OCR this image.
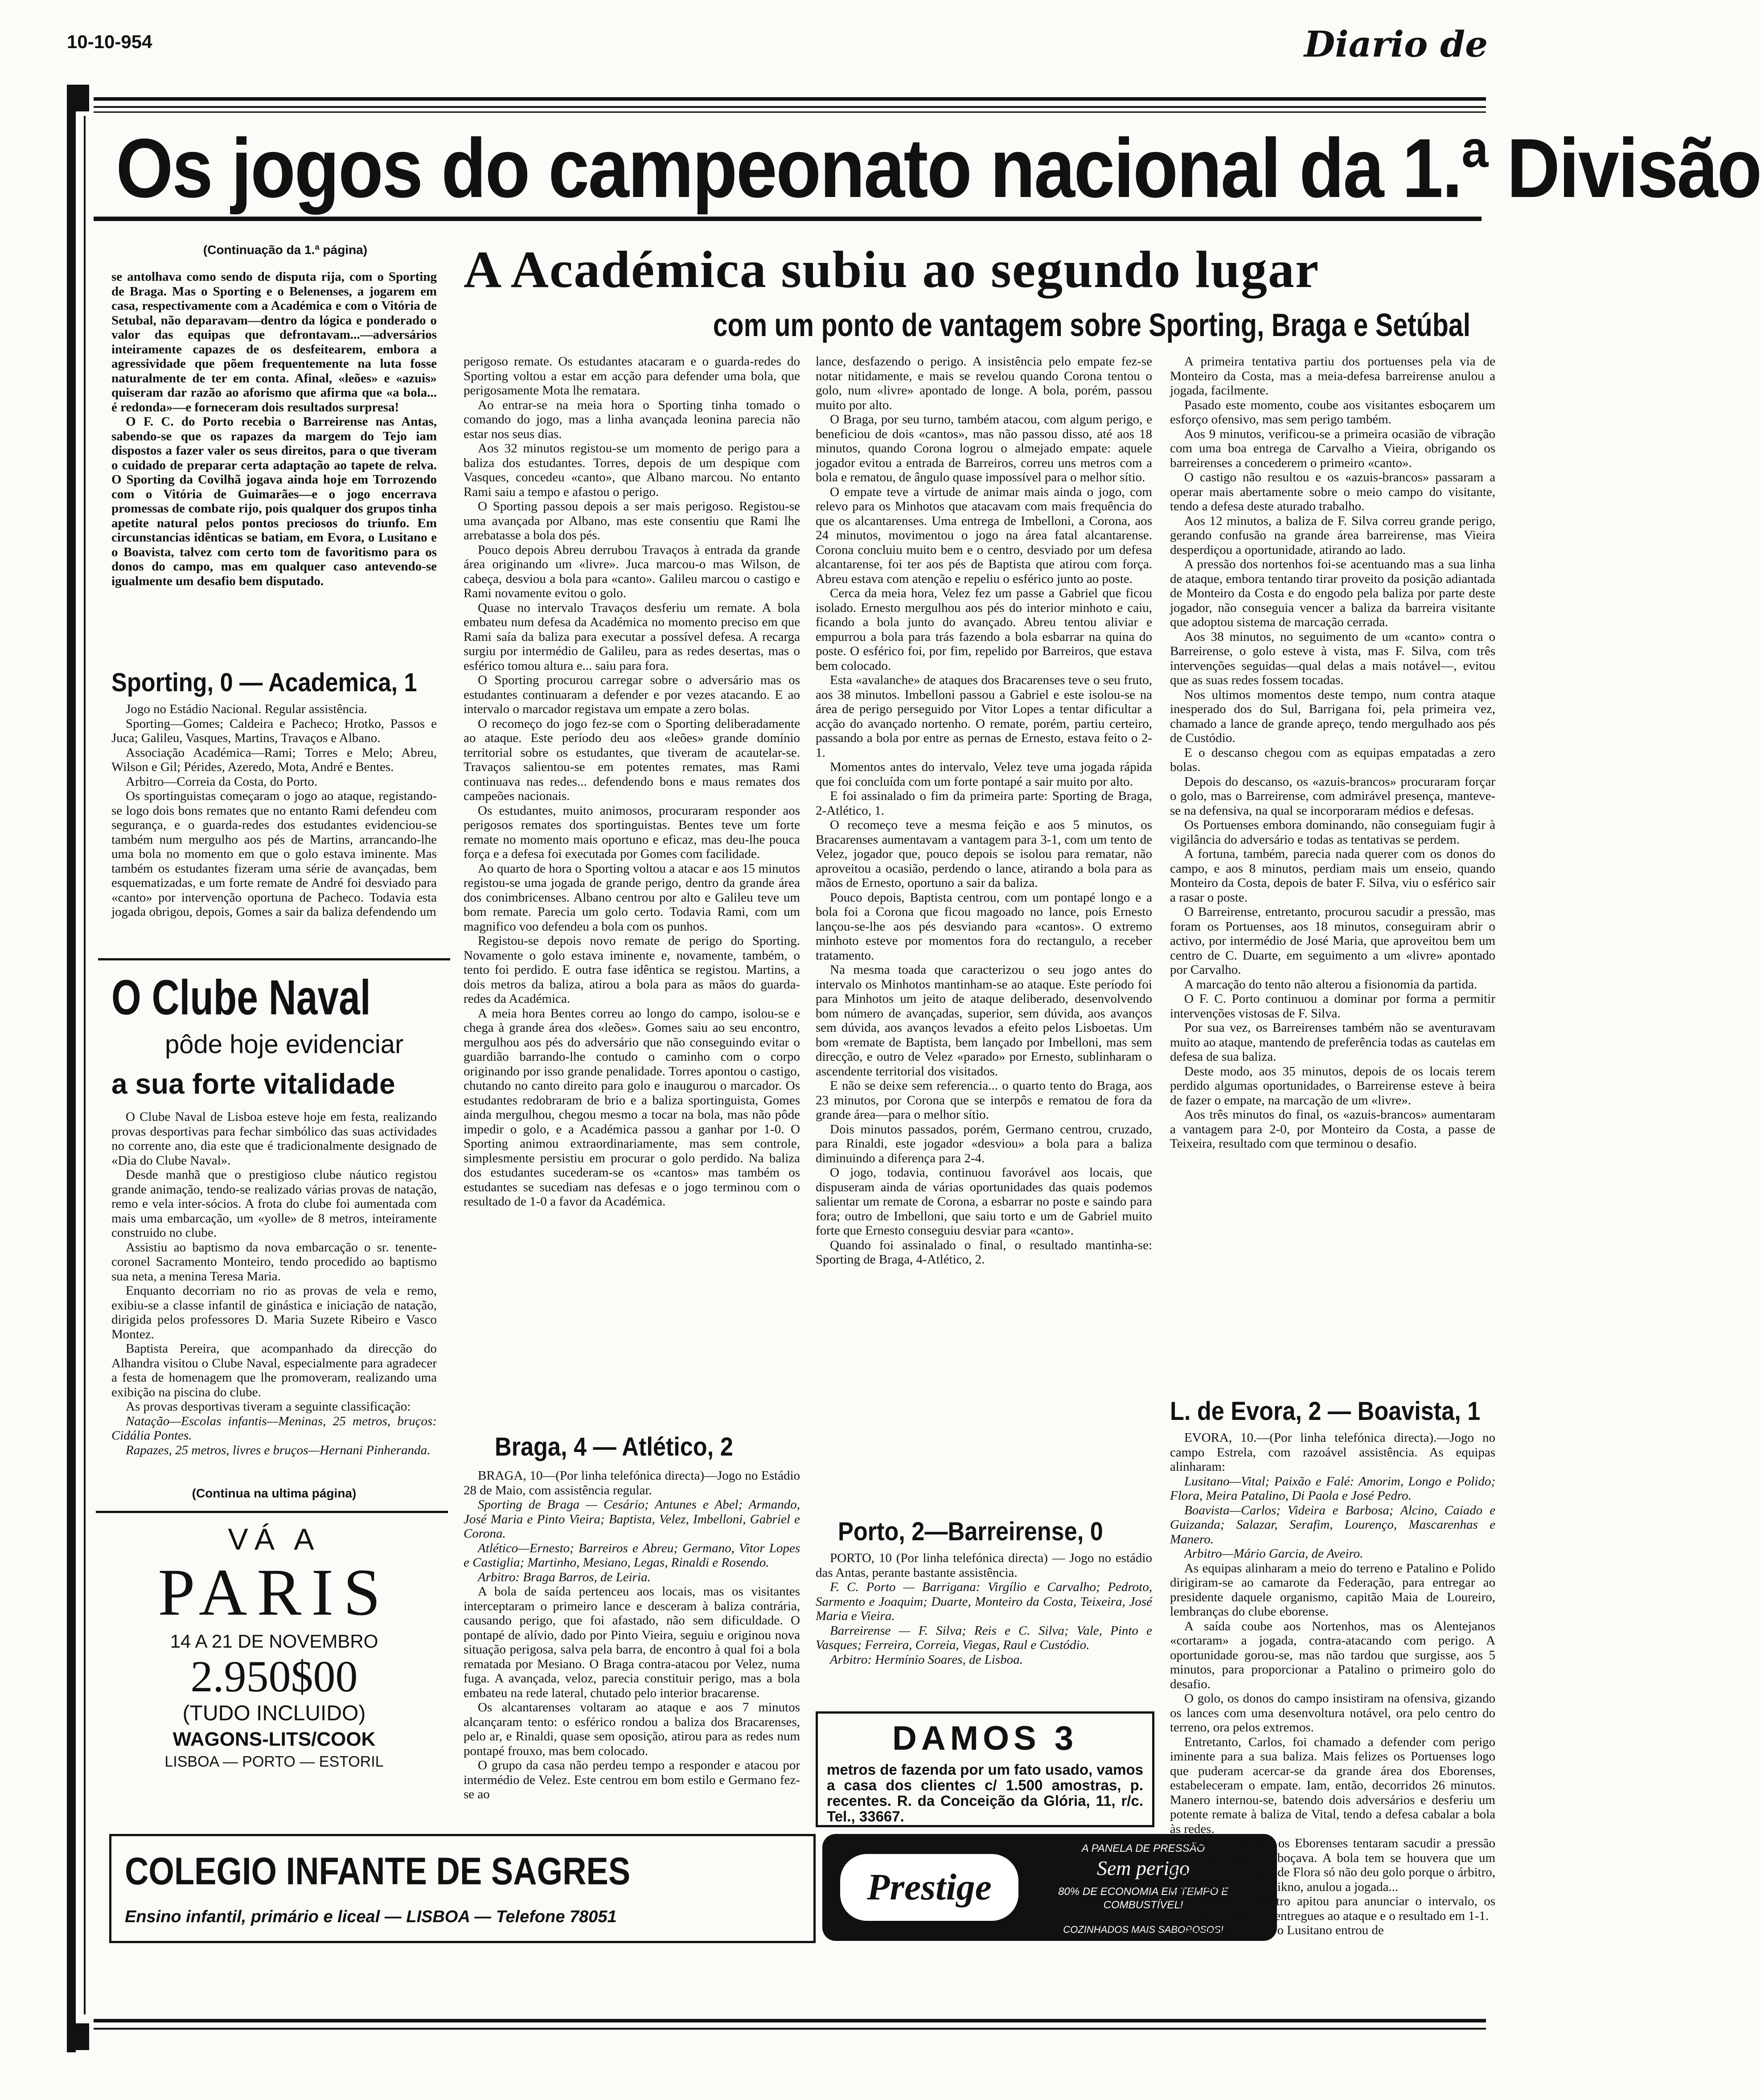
10-10-954	Diario de
Os jogos do campeonato nacional da 1.ª Divisão
(Continuação da 1.ª página)

se antolhava como sendo de disputa rija, com o Sporting de Braga. Mas o Sporting e o Belenenses, a jogarem em casa, respectivamente com a Académica e com o Vitória de Setubal, não deparavam—dentro da lógica e ponderado o valor das equipas que defrontavam...—adversários inteiramente capazes de os desfeitearem, embora a agressividade que põem frequentemente na luta fosse naturalmente de ter em conta. Afinal, «leões» e «azuis» quiseram dar razão ao aforismo que afirma que «a bola... é redonda»—e forneceram dois resultados surpresa!

O F. C. do Porto recebia o Barreirense nas Antas, sabendo-se que os rapazes da margem do Tejo iam dispostos a fazer valer os seus direitos, para o que tiveram o cuidado de preparar certa adaptação ao tapete de relva. O Sporting da Covilhã jogava ainda hoje em Torrozendo com o Vitória de Guimarães—e o jogo encerrava promessas de combate rijo, pois qualquer dos grupos tinha apetite natural pelos pontos preciosos do triunfo. Em circunstancias idênticas se batiam, em Evora, o Lusitano e o Boavista, talvez com certo tom de favoritismo para os donos do campo, mas em qualquer caso antevendo-se igualmente um desafio bem disputado.

Sporting, 0 — Academica, 1

Jogo no Estádio Nacional. Regular assistência.

Sporting—Gomes; Caldeira e Pacheco; Hrotko, Passos e Juca; Galileu, Vasques, Martins, Travaços e Albano.

Associação Académica—Rami; Torres e Melo; Abreu, Wilson e Gil; Pérides, Azeredo, Mota, André e Bentes.

Arbitro—Correia da Costa, do Porto.

Os sportinguistas começaram o jogo ao ataque, registando-se logo dois bons remates que no entanto Rami defendeu com segurança, e o guarda-redes dos estudantes evidenciou-se também num mergulho aos pés de Martins, arrancando-lhe uma bola no momento em que o golo estava iminente. Mas também os estudantes fizeram uma série de avançadas, bem esquematizadas, e um forte remate de André foi desviado para «canto» por intervenção oportuna de Pacheco. Todavia esta jogada obrigou, depois, Gomes a sair da baliza defendendo um

O Clube Naval
pôde hoje evidenciar
a sua forte vitalidade

O Clube Naval de Lisboa esteve hoje em festa, realizando provas desportivas para fechar simbólico das suas actividades no corrente ano, dia este que é tradicionalmente designado de «Dia do Clube Naval».

Desde manhã que o prestigioso clube náutico registou grande animação, tendo-se realizado várias provas de natação, remo e vela inter-sócios. A frota do clube foi aumentada com mais uma embarcação, um «yolle» de 8 metros, inteiramente construido no clube.

Assistiu ao baptismo da nova embarcação o sr. tenente-coronel Sacramento Monteiro, tendo procedido ao baptismo sua neta, a menina Teresa Maria.

Enquanto decorriam no rio as provas de vela e remo, exibiu-se a classe infantil de ginástica e iniciação de natação, dirigida pelos professores D. Maria Suzete Ribeiro e Vasco Montez.

Baptista Pereira, que acompanhado da direcção do Alhandra visitou o Clube Naval, especialmente para agradecer a festa de homenagem que lhe promoveram, realizando uma exibição na piscina do clube.

As provas desportivas tiveram a seguinte classificação:

Natação—Escolas infantis—Meninas, 25 metros, bruços: Cidália Pontes.

Rapazes, 25 metros, livres e bruços—Hernani Pinheranda.

(Continua na ultima página)
VÁ A
PARIS
14 A 21 DE NOVEMBRO
2.950$00
(TUDO INCLUIDO)
WAGONS-LITS/COOK
LISBOA — PORTO — ESTORIL
COLEGIO INFANTE DE SAGRES
Ensino infantil, primário e liceal — LISBOA — Telefone 78051
A Académica subiu ao segundo lugar
com um ponto de vantagem sobre Sporting, Braga e Setúbal

perigoso remate. Os estudantes atacaram e o guarda-redes do Sporting voltou a estar em acção para defender uma bola, que perigosamente Mota lhe rematara.

Ao entrar-se na meia hora o Sporting tinha tomado o comando do jogo, mas a linha avançada leonina parecia não estar nos seus dias.

Aos 32 minutos registou-se um momento de perigo para a baliza dos estudantes. Torres, depois de um despique com Vasques, concedeu «canto», que Albano marcou. No entanto Rami saiu a tempo e afastou o perigo.

O Sporting passou depois a ser mais perigoso. Registou-se uma avançada por Albano, mas este consentiu que Rami lhe arrebatasse a bola dos pés.

Pouco depois Abreu derrubou Travaços à entrada da grande área originando um «livre». Juca marcou-o mas Wilson, de cabeça, desviou a bola para «canto». Galileu marcou o castigo e Rami novamente evitou o golo.

Quase no intervalo Travaços desferiu um remate. A bola embateu num defesa da Académica no momento preciso em que Rami saía da baliza para executar a possível defesa. A recarga surgiu por intermédio de Galileu, para as redes desertas, mas o esférico tomou altura e... saiu para fora.

O Sporting procurou carregar sobre o adversário mas os estudantes continuaram a defender e por vezes atacando. E ao intervalo o marcador registava um empate a zero bolas.

O recomeço do jogo fez-se com o Sporting deliberadamente ao ataque. Este período deu aos «leões» grande domínio territorial sobre os estudantes, que tiveram de acautelar-se. Travaços salientou-se em potentes remates, mas Rami continuava nas redes... defendendo bons e maus remates dos campeões nacionais.

Os estudantes, muito animosos, procuraram responder aos perigosos remates dos sportinguistas. Bentes teve um forte remate no momento mais oportuno e eficaz, mas deu-lhe pouca força e a defesa foi executada por Gomes com facilidade.

Ao quarto de hora o Sporting voltou a atacar e aos 15 minutos registou-se uma jogada de grande perigo, dentro da grande área dos conimbricenses. Albano centrou por alto e Galileu teve um bom remate. Parecia um golo certo. Todavia Rami, com um magnifico voo defendeu a bola com os punhos.

Registou-se depois novo remate de perigo do Sporting. Novamente o golo estava iminente e, novamente, também, o tento foi perdido. E outra fase idêntica se registou. Martins, a dois metros da baliza, atirou a bola para as mãos do guarda-redes da Académica.

A meia hora Bentes correu ao longo do campo, isolou-se e chega à grande área dos «leões». Gomes saiu ao seu encontro, mergulhou aos pés do adversário que não conseguindo evitar o guardião barrando-lhe contudo o caminho com o corpo originando por isso grande penalidade. Torres apontou o castigo, chutando no canto direito para golo e inaugurou o marcador. Os estudantes redobraram de brio e a baliza sportinguista, Gomes ainda mergulhou, chegou mesmo a tocar na bola, mas não pôde impedir o golo, e a Académica passou a ganhar por 1-0. O Sporting animou extraordinariamente, mas sem controle, simplesmente persistiu em procurar o golo perdido. Na baliza dos estudantes sucederam-se os «cantos» mas também os estudantes se sucediam nas defesas e o jogo terminou com o resultado de 1-0 a favor da Académica.

Braga, 4 — Atlético, 2

BRAGA, 10—(Por linha telefónica directa)—Jogo no Estádio 28 de Maio, com assistência regular.

Sporting de Braga — Cesário; Antunes e Abel; Armando, José Maria e Pinto Vieira; Baptista, Velez, Imbelloni, Gabriel e Corona.

Atlético—Ernesto; Barreiros e Abreu; Germano, Vitor Lopes e Castiglia; Martinho, Mesiano, Legas, Rinaldi e Rosendo.

Arbitro: Braga Barros, de Leiria.

A bola de saída pertenceu aos locais, mas os visitantes interceptaram o primeiro lance e desceram à baliza contrária, causando perigo, que foi afastado, não sem dificuldade. O pontapé de alívio, dado por Pinto Vieira, seguiu e originou nova situação perigosa, salva pela barra, de encontro à qual foi a bola rematada por Mesiano. O Braga contra-atacou por Velez, numa fuga. A avançada, veloz, parecia constituir perigo, mas a bola embateu na rede lateral, chutado pelo interior bracarense.

Os alcantarenses voltaram ao ataque e aos 7 minutos alcançaram tento: o esférico rondou a baliza dos Bracarenses, pelo ar, e Rinaldi, quase sem oposição, atirou para as redes num pontapé frouxo, mas bem colocado.

O grupo da casa não perdeu tempo a responder e atacou por intermédio de Velez. Este centrou em bom estilo e Germano fez-se ao

lance, desfazendo o perigo. A insistência pelo empate fez-se notar nitidamente, e mais se revelou quando Corona tentou o golo, num «livre» apontado de longe. A bola, porém, passou muito por alto.

O Braga, por seu turno, também atacou, com algum perigo, e beneficiou de dois «cantos», mas não passou disso, até aos 18 minutos, quando Corona logrou o almejado empate: aquele jogador evitou a entrada de Barreiros, correu uns metros com a bola e rematou, de ângulo quase impossível para o melhor sítio.

O empate teve a virtude de animar mais ainda o jogo, com relevo para os Minhotos que atacavam com mais frequência do que os alcantarenses. Uma entrega de Imbelloni, a Corona, aos 24 minutos, movimentou o jogo na área fatal alcantarense. Corona concluiu muito bem e o centro, desviado por um defesa alcantarense, foi ter aos pés de Baptista que atirou com força. Abreu estava com atenção e repeliu o esférico junto ao poste.

Cerca da meia hora, Velez fez um passe a Gabriel que ficou isolado. Ernesto mergulhou aos pés do interior minhoto e caiu, ficando a bola junto do avançado. Abreu tentou aliviar e empurrou a bola para trás fazendo a bola esbarrar na quina do poste. O esférico foi, por fim, repelido por Barreiros, que estava bem colocado.

Esta «avalanche» de ataques dos Bracarenses teve o seu fruto, aos 38 minutos. Imbelloni passou a Gabriel e este isolou-se na área de perigo perseguido por Vitor Lopes a tentar dificultar a acção do avançado nortenho. O remate, porém, partiu certeiro, passando a bola por entre as pernas de Ernesto, estava feito o 2-1.

Momentos antes do intervalo, Velez teve uma jogada rápida que foi concluída com um forte pontapé a sair muito por alto.

E foi assinalado o fim da primeira parte: Sporting de Braga, 2-Atlético, 1.

O recomeço teve a mesma feição e aos 5 minutos, os Bracarenses aumentavam a vantagem para 3-1, com um tento de Velez, jogador que, pouco depois se isolou para rematar, não aproveitou a ocasião, perdendo o lance, atirando a bola para as mãos de Ernesto, oportuno a sair da baliza.

Pouco depois, Baptista centrou, com um pontapé longo e a bola foi a Corona que ficou magoado no lance, pois Ernesto lançou-se-lhe aos pés desviando para «cantos». O extremo minhoto esteve por momentos fora do rectangulo, a receber tratamento.

Na mesma toada que caracterizou o seu jogo antes do intervalo os Minhotos mantinham-se ao ataque. Este período foi para Minhotos um jeito de ataque deliberado, desenvolvendo bom número de avançadas, superior, sem dúvida, aos avanços sem dúvida, aos avanços levados a efeito pelos Lisboetas. Um bom «remate de Baptista, bem lançado por Imbelloni, mas sem direcção, e outro de Velez «parado» por Ernesto, sublinharam o ascendente territorial dos visitados.

E não se deixe sem referencia... o quarto tento do Braga, aos 23 minutos, por Corona que se interpôs e rematou de fora da grande área—para o melhor sítio.

Dois minutos passados, porém, Germano centrou, cruzado, para Rinaldi, este jogador «desviou» a bola para a baliza diminuindo a diferença para 2-4.

O jogo, todavia, continuou favorável aos locais, que dispuseram ainda de várias oportunidades das quais podemos salientar um remate de Corona, a esbarrar no poste e saindo para fora; outro de Imbelloni, que saiu torto e um de Gabriel muito forte que Ernesto conseguiu desviar para «canto».

Quando foi assinalado o final, o resultado mantinha-se: Sporting de Braga, 4-Atlético, 2.

Porto, 2—Barreirense, 0

PORTO, 10 (Por linha telefónica directa) — Jogo no estádio das Antas, perante bastante assistência.

F. C. Porto — Barrigana: Virgílio e Carvalho; Pedroto, Sarmento e Joaquim; Duarte, Monteiro da Costa, Teixeira, José Maria e Vieira.

Barreirense — F. Silva; Reis e C. Silva; Vale, Pinto e Vasques; Ferreira, Correia, Viegas, Raul e Custódio.

Arbitro: Hermínio Soares, de Lisboa.

DAMOS 3
metros de fazenda por um fato usado, vamos a casa dos clientes c/ 1.500 amostras, p. recentes. R. da Conceição da Glória, 11, r/c. Tel., 33667.
Prestige
A PANELA DE PRESSÃO
Sem perigo
80% DE ECONOMIA EM TEMPO E COMBUSTÍVEL!
COZINHADOS MAIS SABOROSOS!

A primeira tentativa partiu dos portuenses pela via de Monteiro da Costa, mas a meia-defesa barreirense anulou a jogada, facilmente.

Pasado este momento, coube aos visitantes esboçarem um esforço ofensivo, mas sem perigo também.

Aos 9 minutos, verificou-se a primeira ocasião de vibração com uma boa entrega de Carvalho a Vieira, obrigando os barreirenses a concederem o primeiro «canto».

O castigo não resultou e os «azuis-brancos» passaram a operar mais abertamente sobre o meio campo do visitante, tendo a defesa deste aturado trabalho.

Aos 12 minutos, a baliza de F. Silva correu grande perigo, gerando confusão na grande área barreirense, mas Vieira desperdiçou a oportunidade, atirando ao lado.

A pressão dos nortenhos foi-se acentuando mas a sua linha de ataque, embora tentando tirar proveito da posição adiantada de Monteiro da Costa e do engodo pela baliza por parte deste jogador, não conseguia vencer a baliza da barreira visitante que adoptou sistema de marcação cerrada.

Aos 38 minutos, no seguimento de um «canto» contra o Barreirense, o golo esteve à vista, mas F. Silva, com três intervenções seguidas—qual delas a mais notável—, evitou que as suas redes fossem tocadas.

Nos ultimos momentos deste tempo, num contra ataque inesperado dos do Sul, Barrigana foi, pela primeira vez, chamado a lance de grande apreço, tendo mergulhado aos pés de Custódio.

E o descanso chegou com as equipas empatadas a zero bolas.

Depois do descanso, os «azuis-brancos» procuraram forçar o golo, mas o Barreirense, com admirável presença, manteve-se na defensiva, na qual se incorporaram médios e defesas.

Os Portuenses embora dominando, não conseguiam fugir à vigilância do adversário e todas as tentativas se perdem.

A fortuna, também, parecia nada querer com os donos do campo, e aos 8 minutos, perdiam mais um enseio, quando Monteiro da Costa, depois de bater F. Silva, viu o esférico sair a rasar o poste.

O Barreirense, entretanto, procurou sacudir a pressão, mas foram os Portuenses, aos 18 minutos, conseguiram abrir o activo, por intermédio de José Maria, que aproveitou bem um centro de C. Duarte, em seguimento a um «livre» apontado por Carvalho.

A marcação do tento não alterou a fisionomia da partida.

O F. C. Porto continuou a dominar por forma a permitir intervenções vistosas de F. Silva.

Por sua vez, os Barreirenses também não se aventuravam muito ao ataque, mantendo de preferência todas as cautelas em defesa de sua baliza.

Deste modo, aos 35 minutos, depois de os locais terem perdido algumas oportunidades, o Barreirense esteve à beira de fazer o empate, na marcação de um «livre».

Aos três minutos do final, os «azuis-brancos» aumentaram a vantagem para 2-0, por Monteiro da Costa, a passe de Teixeira, resultado com que terminou o desafio.

L. de Evora, 2 — Boavista, 1

EVORA, 10.—(Por linha telefónica directa).—Jogo no campo Estrela, com razoável assistência. As equipas alinharam:

Lusitano—Vital; Paixão e Falé: Amorim, Longo e Polido; Flora, Meira Patalino, Di Paola e José Pedro.

Boavista—Carlos; Videira e Barbosa; Alcino, Caiado e Guizanda; Salazar, Serafim, Lourenço, Mascarenhas e Manero.

Arbitro—Mário Garcia, de Aveiro.

As equipas alinharam a meio do terreno e Patalino e Polido dirigiram-se ao camarote da Federação, para entregar ao presidente daquele organismo, capitão Maia de Loureiro, lembranças do clube eborense.

A saída coube aos Nortenhos, mas os Alentejanos «cortaram» a jogada, contra-atacando com perigo. A oportunidade gorou-se, mas não tardou que surgisse, aos 5 minutos, para proporcionar a Patalino o primeiro golo do desafio.

O golo, os donos do campo insistiram na ofensiva, gizando os lances com uma desenvoltura notável, ora pelo centro do terreno, ora pelos extremos.

Entretanto, Carlos, foi chamado a defender com perigo iminente para a sua baliza. Mais felizes os Portuenses logo que puderam acercar-se da grande área dos Eborenses, estabeleceram o empate. Iam, então, decorridos 26 minutos. Manero internou-se, batendo dois adversários e desferiu um potente remate à baliza de Vital, tendo a defesa cabalar a bola às redes.

Aos 32 minutos, os Eborenses tentaram sacudir a pressão que o adversário esboçava. A bola tem se houvera que um forte potente remate de Flora só não deu golo porque o árbitro, assinalando falta a Aikno, anulou a jogada...

E quando o árbitro apitou para anunciar o intervalo, os Portuenses estavam entregues ao ataque e o resultado em 1-1.

Na segunda parte o Lusitano entrou de
